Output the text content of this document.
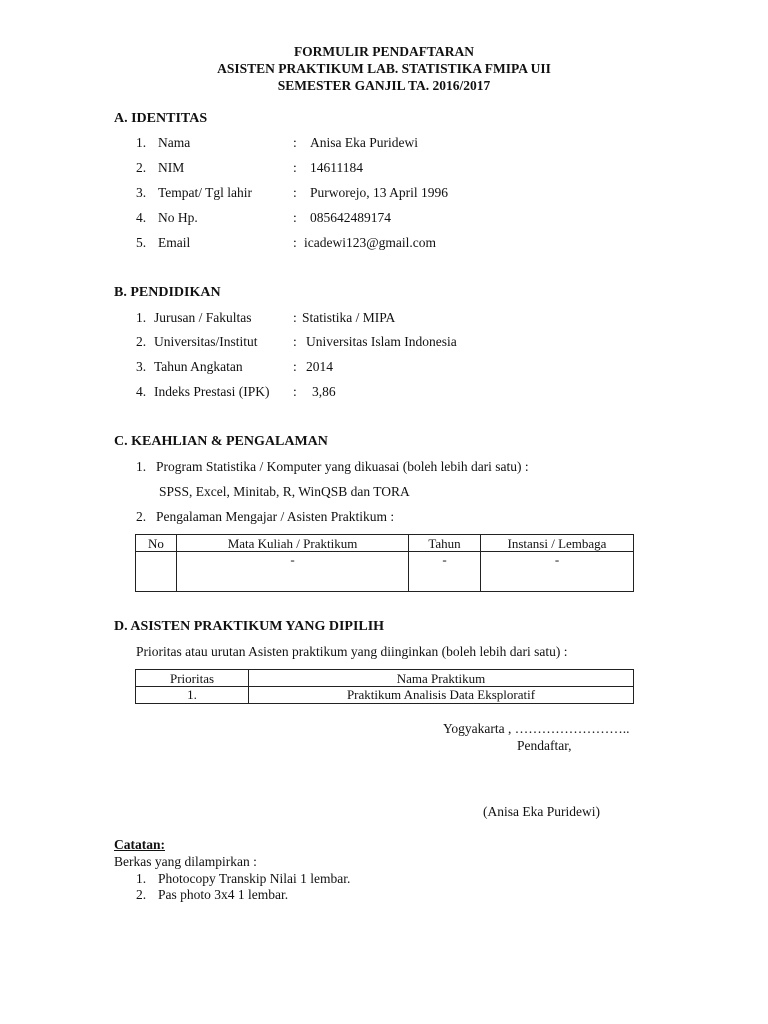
FORMULIR PENDAFTARAN
ASISTEN PRAKTIKUM LAB. STATISTIKA FMIPA UII
SEMESTER GANJIL TA. 2016/2017
A. IDENTITAS
1. Nama	: Anisa Eka Puridewi
2. NIM	: 14611184
3. Tempat/ Tgl lahir	: Purworejo, 13 April 1996
4. No Hp.	: 085642489174
5. Email	: icadewi123@gmail.com
B. PENDIDIKAN
1. Jurusan / Fakultas	: Statistika / MIPA
2. Universitas/Institut	: Universitas Islam Indonesia
3. Tahun Angkatan	: 2014
4. Indeks Prestasi (IPK) : 3,86
C. KEAHLIAN & PENGALAMAN
1. Program Statistika / Komputer yang dikuasai (boleh lebih dari satu) :
SPSS, Excel, Minitab, R, WinQSB dan TORA
2. Pengalaman Mengajar / Asisten Praktikum :
No	Mata Kuliah / Praktikum	Tahun	Instansi / Lembaga
	-	-	-
D. ASISTEN PRAKTIKUM YANG DIPILIH
Prioritas atau urutan Asisten praktikum yang diinginkan (boleh lebih dari satu) :
Prioritas	Nama Praktikum
1.	Praktikum Analisis Data Eksploratif
Yogyakarta , ……………………..
Pendaftar,
(Anisa Eka Puridewi)
Catatan:
Berkas yang dilampirkan :
1. Photocopy Transkip Nilai 1 lembar.
2. Pas photo 3x4 1 lembar.
